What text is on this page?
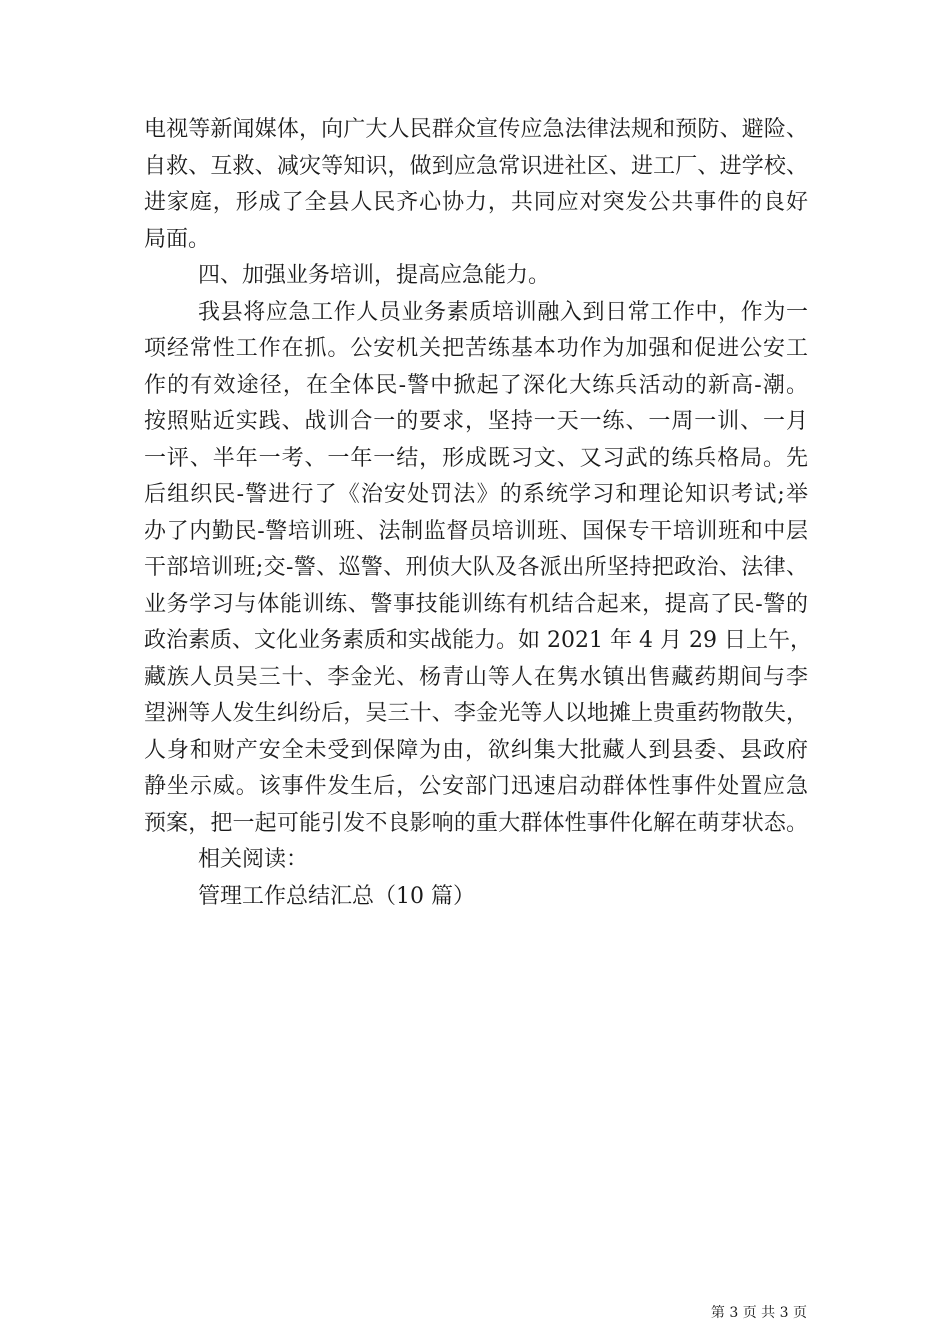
电视等新闻媒体，向广大人民群众宣传应急法律法规和预防、避险、
自救、互救、减灾等知识，做到应急常识进社区、进工厂、进学校、
进家庭，形成了全县人民齐心协力，共同应对突发公共事件的良好
局面。
四、加强业务培训，提高应急能力。
我县将应急工作人员业务素质培训融入到日常工作中，作为一
项经常性工作在抓。公安机关把苦练基本功作为加强和促进公安工
作的有效途径，在全体民-警中掀起了深化大练兵活动的新高-潮。
按照贴近实践、战训合一的要求，坚持一天一练、一周一训、一月
一评、半年一考、一年一结，形成既习文、又习武的练兵格局。先
后组织民-警进行了《治安处罚法》的系统学习和理论知识考试;举
办了内勤民-警培训班、法制监督员培训班、国保专干培训班和中层
干部培训班;交-警、巡警、刑侦大队及各派出所坚持把政治、法律、
业务学习与体能训练、警事技能训练有机结合起来，提高了民-警的
政治素质、文化业务素质和实战能力。如 2021 年 4 月 29 日上午，
藏族人员吴三十、李金光、杨青山等人在隽水镇出售藏药期间与李
望洲等人发生纠纷后，吴三十、李金光等人以地摊上贵重药物散失，
人身和财产安全未受到保障为由，欲纠集大批藏人到县委、县政府
静坐示威。该事件发生后，公安部门迅速启动群体性事件处置应急
预案，把一起可能引发不良影响的重大群体性事件化解在萌芽状态。
相关阅读：
管理工作总结汇总（10 篇）
第 3 页 共 3 页
